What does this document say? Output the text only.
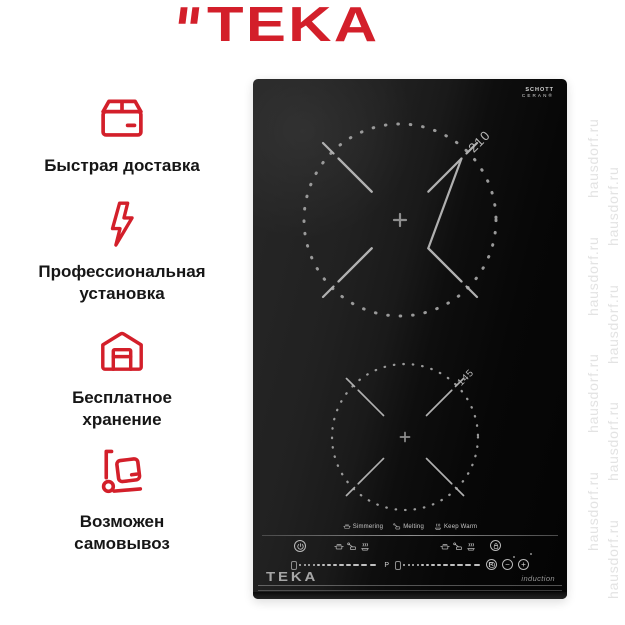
TEKA
Быстрая доставка
Профессиональная установка
Бесплатное хранение
Возможен самовывоз
SCHOTT
CERAN®
210
145
Simmering	Melting	Keep Warm
P	P	−	+
TEKA	induction
hausdorf.ruhausdorf.ruhausdorf.ruhausdorf.ru
hausdorf.ruhausdorf.ruhausdorf.ruhausdorf.ru
